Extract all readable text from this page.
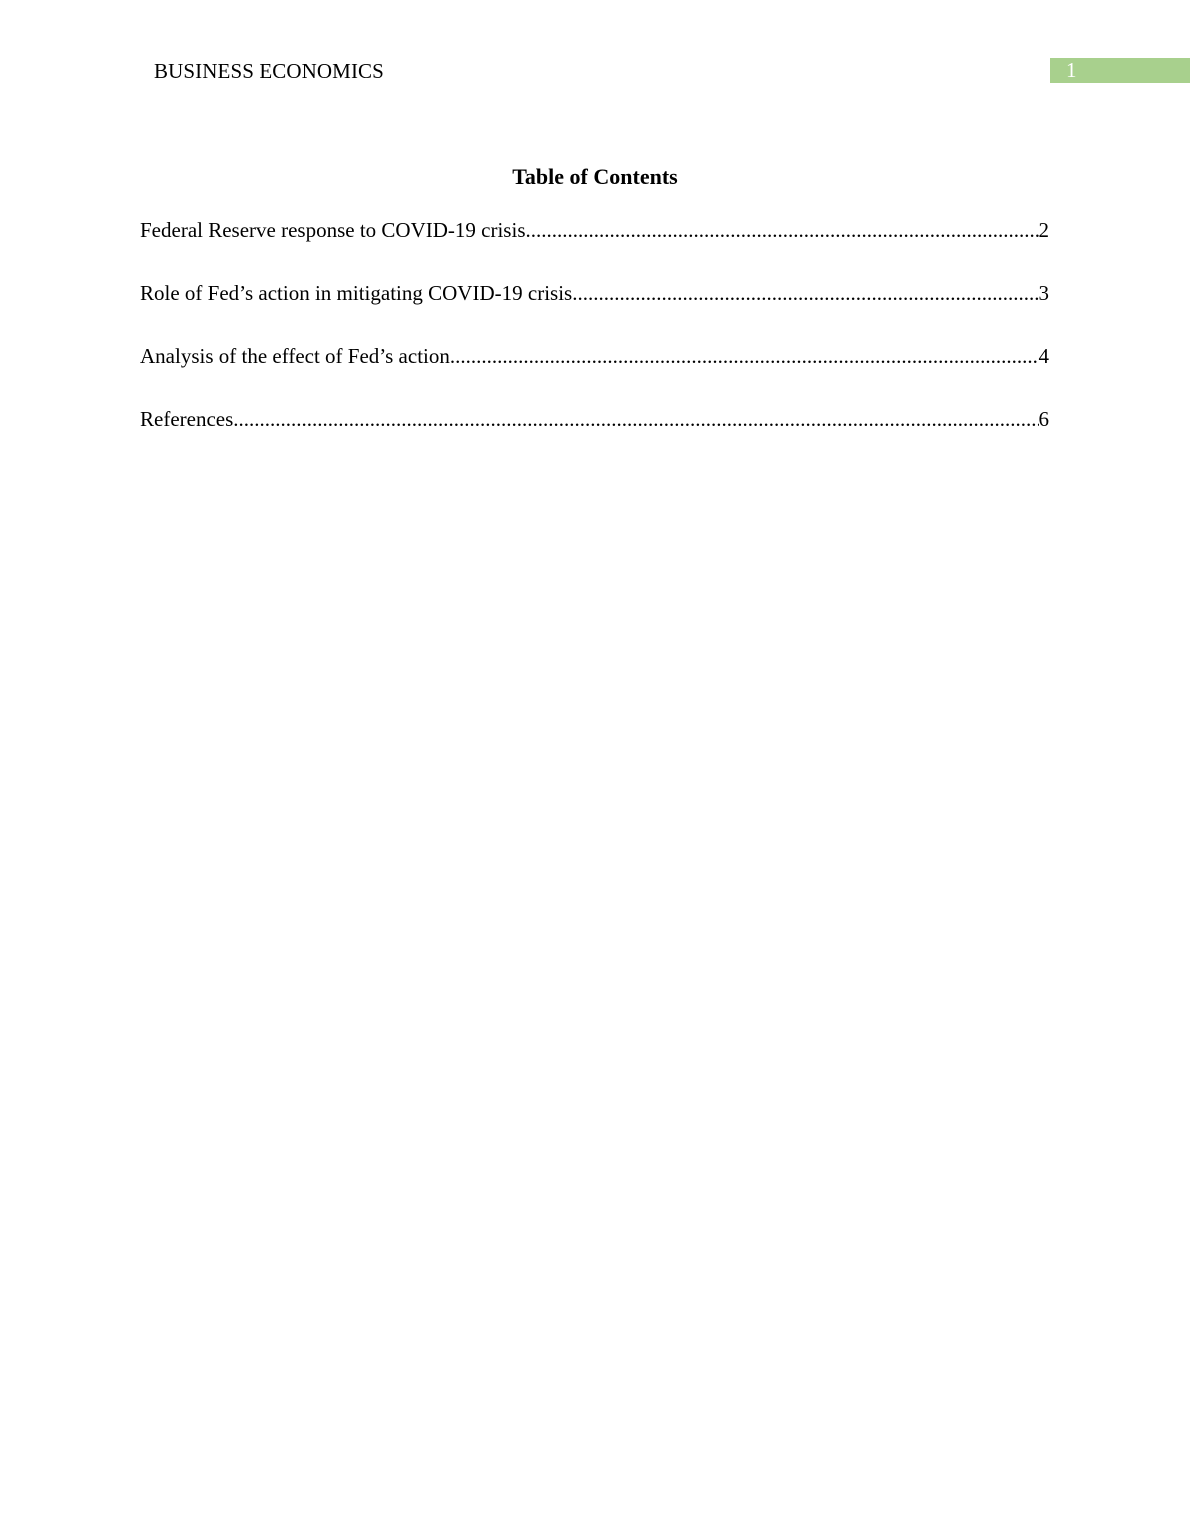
BUSINESS ECONOMICS	1
Table of Contents
Federal Reserve response to COVID-19 crisis .....	2
Role of Fed’s action in mitigating COVID-19 crisis .....	3
Analysis of the effect of Fed’s action .....	4
References .....	6
